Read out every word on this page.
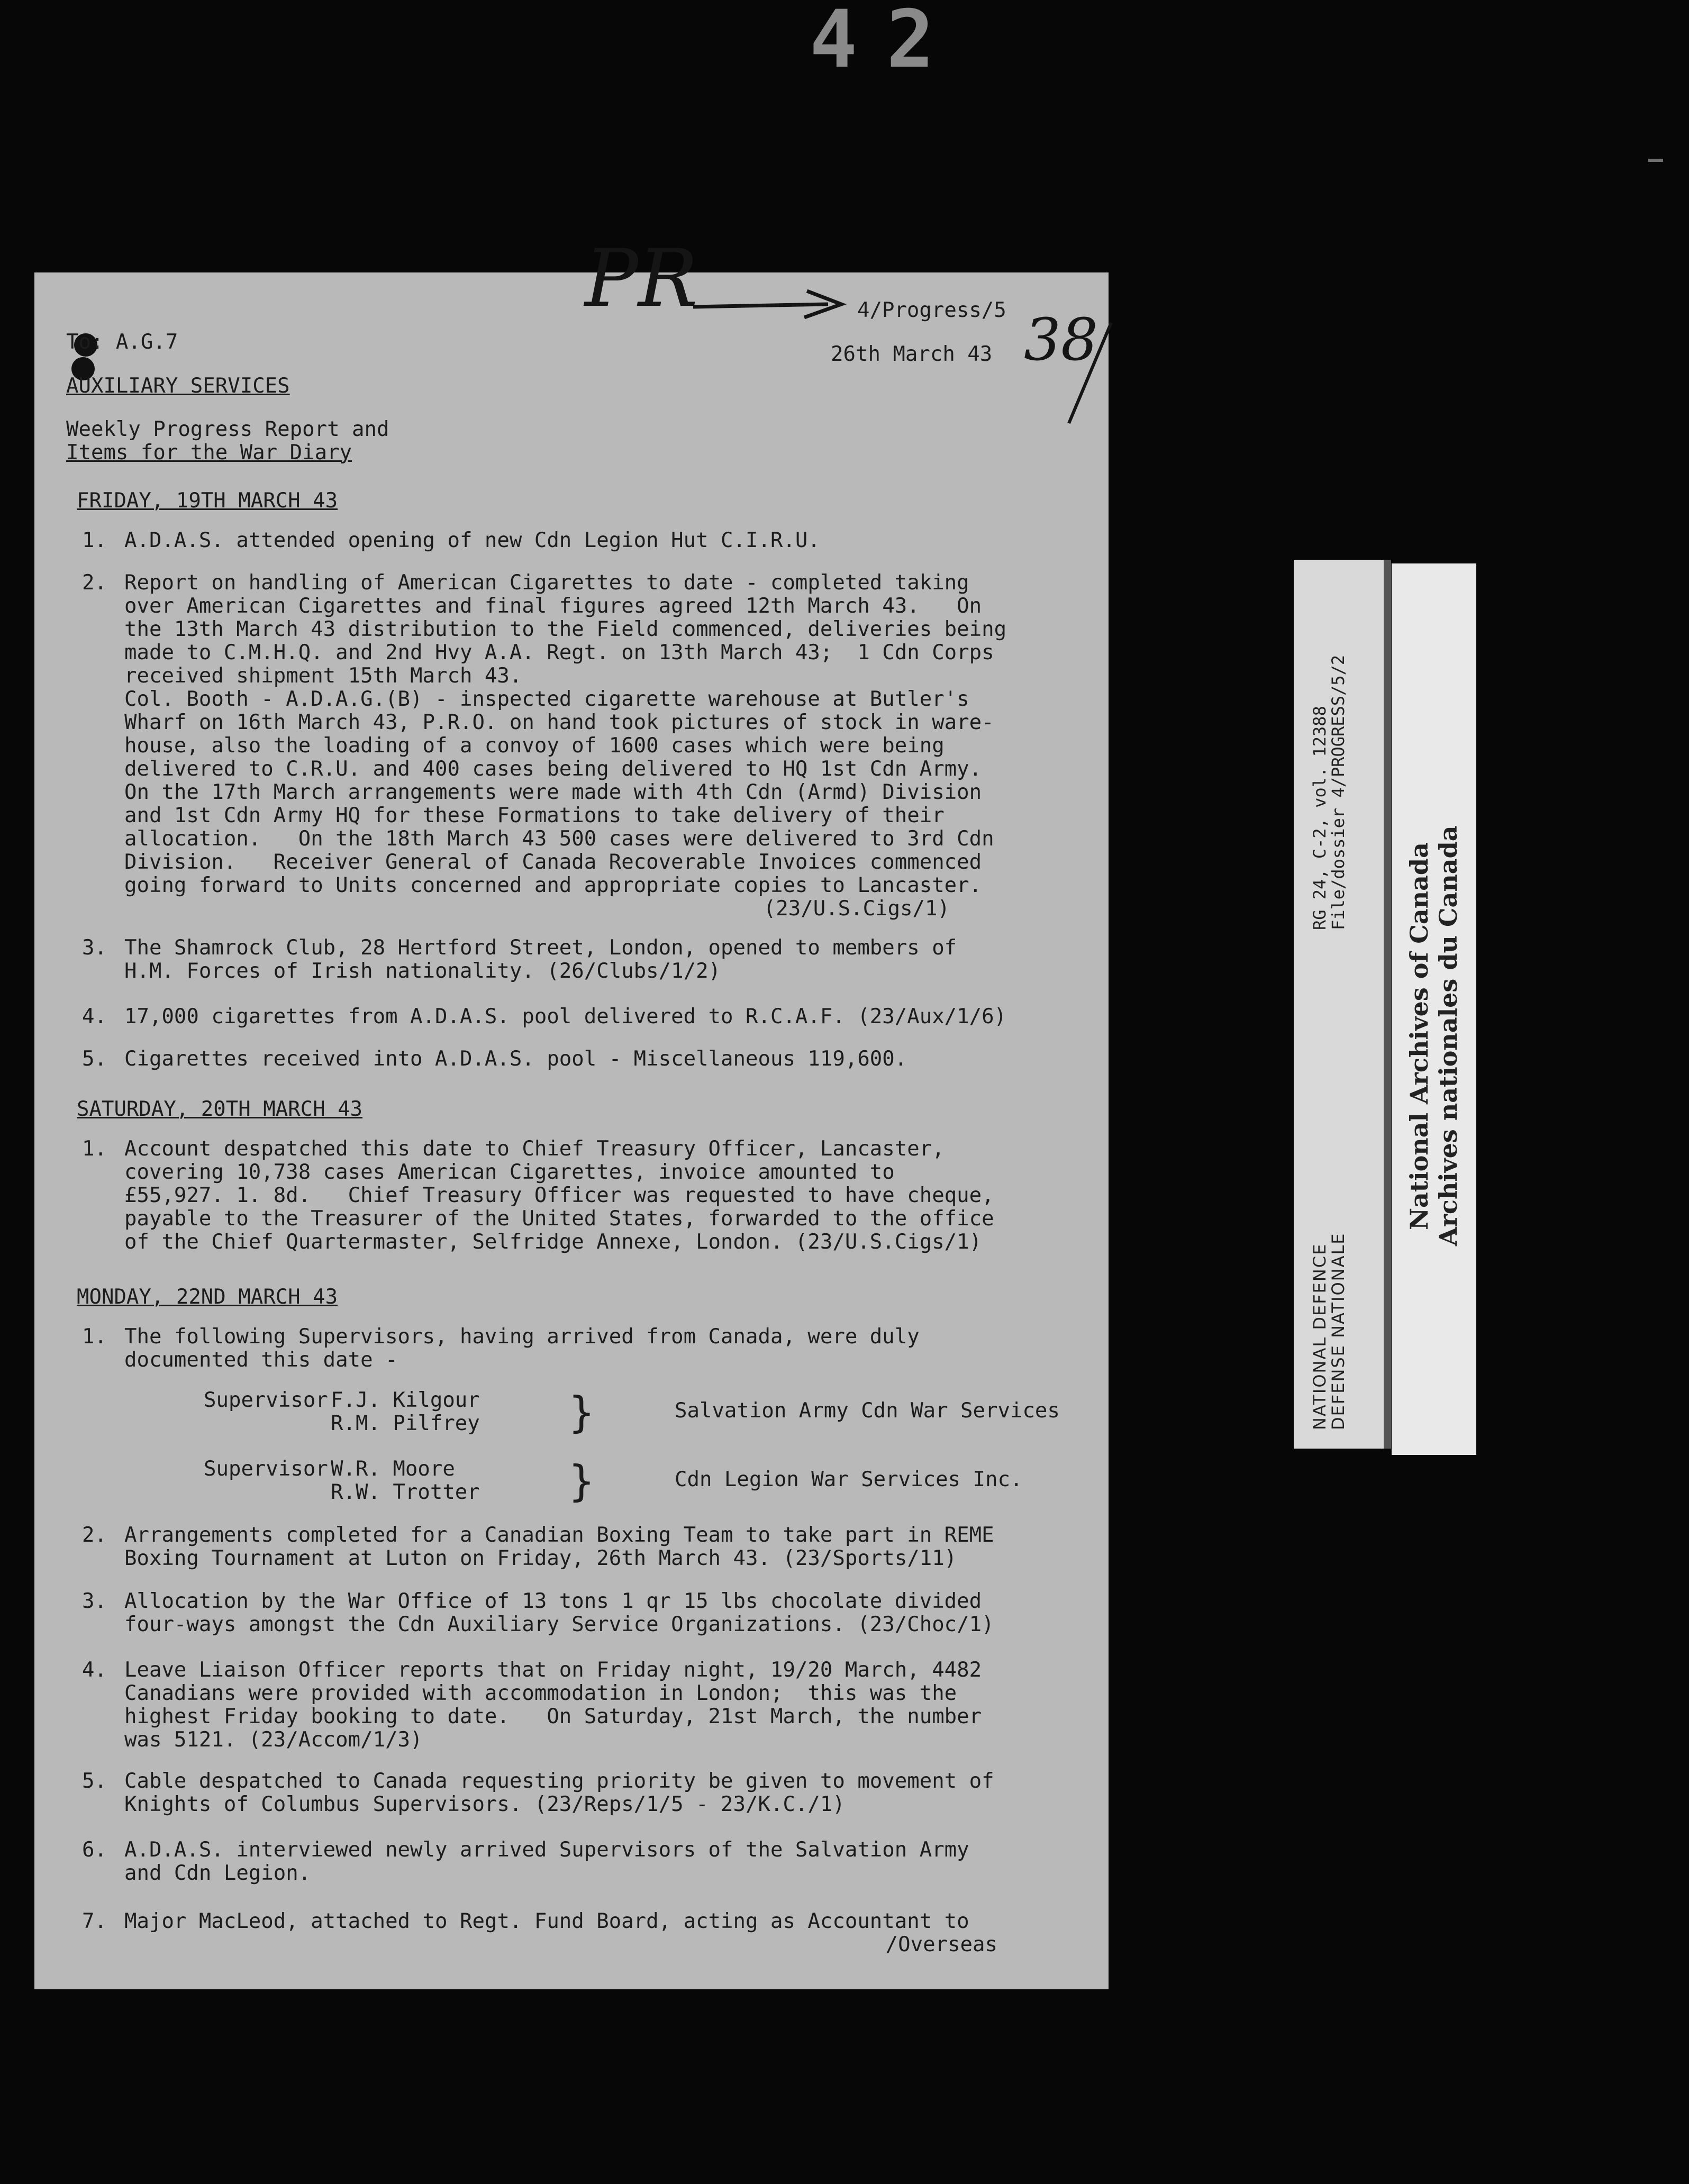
42
PR	4/Progress/5
26th March 43 38
To: A.G.7
AUXILIARY SERVICES
Weekly Progress Report and
Items for the War Diary
FRIDAY, 19TH MARCH 43
1. A.D.A.S. attended opening of new Cdn Legion Hut C.I.R.U.
2. Report on handling of American Cigarettes to date - completed taking
over American Cigarettes and final figures agreed 12th March 43.   On
the 13th March 43 distribution to the Field commenced, deliveries being
made to C.M.H.Q. and 2nd Hvy A.A. Regt. on 13th March 43;  1 Cdn Corps
received shipment 15th March 43.
Col. Booth - A.D.A.G.(B) - inspected cigarette warehouse at Butler's
Wharf on 16th March 43, P.R.O. on hand took pictures of stock in ware-
house, also the loading of a convoy of 1600 cases which were being
delivered to C.R.U. and 400 cases being delivered to HQ 1st Cdn Army.
On the 17th March arrangements were made with 4th Cdn (Armd) Division
and 1st Cdn Army HQ for these Formations to take delivery of their
allocation.   On the 18th March 43 500 cases were delivered to 3rd Cdn
Division.   Receiver General of Canada Recoverable Invoices commenced
going forward to Units concerned and appropriate copies to Lancaster.
(23/U.S.Cigs/1)
3. The Shamrock Club, 28 Hertford Street, London, opened to members of
H.M. Forces of Irish nationality. (26/Clubs/1/2)
4. 17,000 cigarettes from A.D.A.S. pool delivered to R.C.A.F. (23/Aux/1/6)
5. Cigarettes received into A.D.A.S. pool - Miscellaneous 119,600.
SATURDAY, 20TH MARCH 43
1. Account despatched this date to Chief Treasury Officer, Lancaster,
covering 10,738 cases American Cigarettes, invoice amounted to
£55,927. 1. 8d.   Chief Treasury Officer was requested to have cheque,
payable to the Treasurer of the United States, forwarded to the office
of the Chief Quartermaster, Selfridge Annexe, London. (23/U.S.Cigs/1)
MONDAY, 22ND MARCH 43
1. The following Supervisors, having arrived from Canada, were duly
documented this date -
Supervisor F.J. Kilgour
R.M. Pilfrey }	Salvation Army Cdn War Services
Supervisor W.R. Moore
R.W. Trotter }	Cdn Legion War Services Inc.
2. Arrangements completed for a Canadian Boxing Team to take part in REME
Boxing Tournament at Luton on Friday, 26th March 43. (23/Sports/11)
3. Allocation by the War Office of 13 tons 1 qr 15 lbs chocolate divided
four-ways amongst the Cdn Auxiliary Service Organizations. (23/Choc/1)
4. Leave Liaison Officer reports that on Friday night, 19/20 March, 4482
Canadians were provided with accommodation in London;  this was the
highest Friday booking to date.   On Saturday, 21st March, the number
was 5121. (23/Accom/1/3)
5. Cable despatched to Canada requesting priority be given to movement of
Knights of Columbus Supervisors. (23/Reps/1/5 - 23/K.C./1)
6. A.D.A.S. interviewed newly arrived Supervisors of the Salvation Army
and Cdn Legion.
7. Major MacLeod, attached to Regt. Fund Board, acting as Accountant to
/Overseas
RG 24, C-2, vol. 12388
File/dossier 4/PROGRESS/5/2
NATIONAL DEFENCE
DEFENSE NATIONALE
National Archives of Canada Archives nationales du Canada
